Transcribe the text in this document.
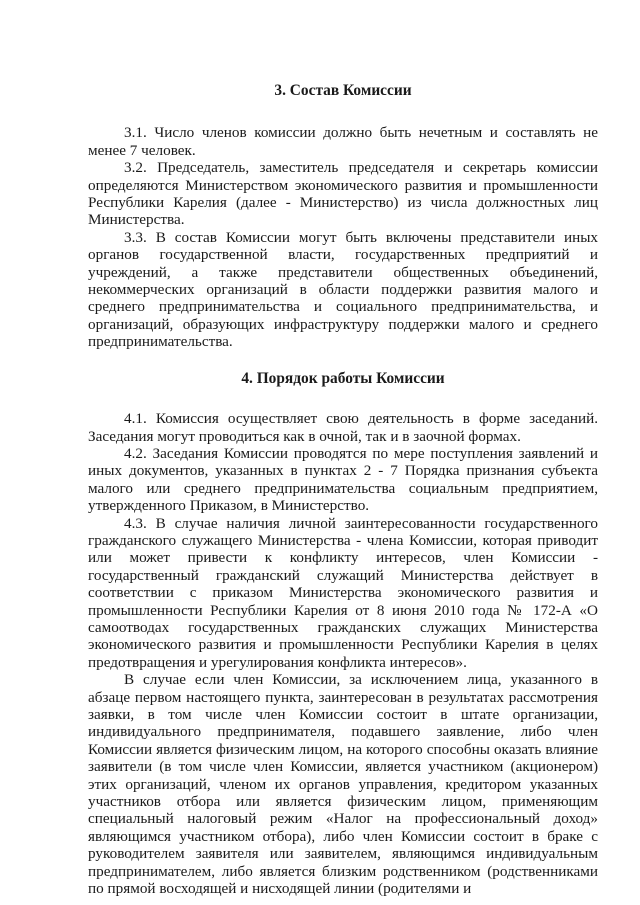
3. Состав Комиссии

3.1. Число членов комиссии должно быть нечетным и составлять не менее 7 человек.

3.2. Председатель, заместитель председателя и секретарь комиссии определяются Министерством экономического развития и промышленности Республики Карелия (далее - Министерство) из числа должностных лиц Министерства.

3.3. В состав Комиссии могут быть включены представители иных органов государственной власти, государственных предприятий и учреждений, а также представители общественных объединений, некоммерческих организаций в области поддержки развития малого и среднего предпринимательства и социального предпринимательства, и организаций, образующих инфраструктуру поддержки малого и среднего предпринимательства.

4. Порядок работы Комиссии

4.1. Комиссия осуществляет свою деятельность в форме заседаний. Заседания могут проводиться как в очной, так и в заочной формах.

4.2. Заседания Комиссии проводятся по мере поступления заявлений и иных документов, указанных в пунктах 2 - 7 Порядка признания субъекта малого или среднего предпринимательства социальным предприятием, утвержденного Приказом, в Министерство.

4.3. В случае наличия личной заинтересованности государственного гражданского служащего Министерства - члена Комиссии, которая приводит или может привести к конфликту интересов, член Комиссии - государственный гражданский служащий Министерства действует в соответствии с приказом Министерства экономического развития и промышленности Республики Карелия от 8 июня 2010 года № 172-А «О самоотводах государственных гражданских служащих Министерства экономического развития и промышленности Республики Карелия в целях предотвращения и урегулирования конфликта интересов».

В случае если член Комиссии, за исключением лица, указанного в абзаце первом настоящего пункта, заинтересован в результатах рассмотрения заявки, в том числе член Комиссии состоит в штате организации, индивидуального предпринимателя, подавшего заявление, либо член Комиссии является физическим лицом, на которого способны оказать влияние заявители (в том числе член Комиссии, является участником (акционером) этих организаций, членом их органов управления, кредитором указанных участников отбора или является физическим лицом, применяющим специальный налоговый режим «Налог на профессиональный доход» являющимся участником отбора), либо член Комиссии состоит в браке с руководителем заявителя или заявителем, являющимся индивидуальным предпринимателем, либо является близким родственником (родственниками по прямой восходящей и нисходящей линии (родителями и
